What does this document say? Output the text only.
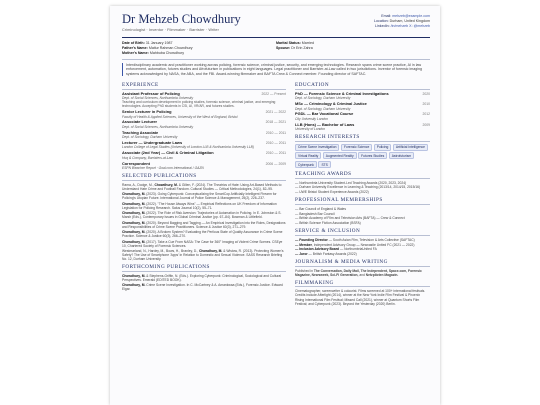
Dr Mehzeb Chowdhury
Criminologist · Inventor · Filmmaker · Barrister · Writer
Email: mehzeb@example.com
Location: Durham, United Kingdom
LinkedIn: /in/mehzeb X: @mehzeb
Date of Birth: 31 January 1987	Marital Status: Married
Father's Name: Matiur Rahman Chowdhury	Spouse: Dr Erin Zahra
Mother's Name: Mahbuba Chowdhury
Interdisciplinary academic and practitioner working across policing, forensic science, criminal justice, security, and emerging technologies. Research spans crime scene practice, AI in law enforcement, automation, futures studies and Afrofuturism in publications in eight languages. Legal practitioner and Barrister-at-Law called in two jurisdictions. Inventor of forensic imaging systems acknowledged by NASA, the ABA, and the FBI. Award-winning filmmaker and BAFTA Crew & Connect member. Founding director of SAFTAC.
EXPERIENCE
Assistant Professor of Policing	2022 — Present
Dept. of Social Sciences, Northumbria University
Teaching and curriculum development in policing studies, forensic science, criminal justice, and emerging technologies. Accepting PhD students in CSI, AI, VR/AR, and futures studies.
Senior Lecturer in Policing	2021 — 2022
Faculty of Health & Applied Sciences, University of the West of England, Bristol
Associate Lecturer	2018 — 2021
Dept. of Social Sciences, Northumbria University
Teaching Associate	2010 — 2011
Dept. of Sociology, Durham University
Lecturer — Undergraduate Laws	2010 — 2011
London College of Legal Studies (University of London LLB & Northumbria University LLB)
Associate (2nd Year) — Civil & Criminal Litigation	2010 — 2011
Huq & Company, Barristers-at-Law
Correspondent	2006 — 2009
ESPN Bleacher Report · Goal.com International / GAZN
SELECTED PUBLICATIONS
Rama, A., Dodge, M., Chowdhury, M. & Gillen, F. (2024). The Theatrics of Hate: Using Art-Based Methods to Understand Hate Crime and Football Fandom. Cultural Studies — Critical Methodologies, 24(1), 82–95.
Chowdhury, M. (2023). Going Cyberpunk: Conceptualizing the SmartCop Artificially Intelligent Firearm for Policing's Utopian Future. International Journal of Police Science & Management, 25(2), 226–237.
Chowdhury, M. (2022). "The House Always Wins" — Empirical Reflections on UK Freedom of Information Legislation for Policing Research. Salus Journal 10(2), 55–71.
Chowdhury, M. (2022). The Role of Risk Aversion: Trajectories of Automation in Policing. In E. Johnston & S. Marsh (Eds.), Contemporary Issues in Global Criminal Justice (pp. 67–84). Bowman & Littlefield.
Chowdhury, M. (2020). Beyond Bagging and Tagging — An Empirical Investigation into the Roles, Designations and Responsibilities of Crime Scene Practitioners. Science & Justice 60(3), 271–279.
Chowdhury, M. (2020). A Broken System? Evaluating the Perilous State of Quality Assurance in Crime Scene Practice. Science & Justice 60(3), 266–270.
Chowdhury, M. (2017). Take a Cue From NASA: The Case for 360° Imaging at Violent Crime Scenes. CSEye 10, Chartered Society of Forensic Sciences.
Westmarland, N., Hardey, M., Bows, H., Branley, D., Chowdhury, M. & Wistow, R. (2013). Protecting Women's Safety? The Use of Smartphone 'Apps' in Relation to Domestic and Sexual Violence. SASS Research Briefing No. 12, Durham University.
FORTHCOMING PUBLICATIONS
Chowdhury, M. & Stephens-Griffin, N. (Eds.). Exploring Cyberpunk: Criminological, Sociological and Cultural Perspectives. Emerald (EDITED BOOK).
Chowdhury, M. Crime Scene Investigation. In C. McCartney & A. Amankwaa (Eds.), Forensic Justice. Edward Elgar.
EDUCATION
PhD — Forensic Science & Criminal Investigations	2020
Dept. of Sociology, Durham University
MSc — Criminology & Criminal Justice	2010
Dept. of Sociology, Durham University
PGDL — Bar Vocational Course	2012
City University London
LLB (Hons) — Bachelor of Laws	2009
University of London
RESEARCH INTERESTS
Crime Scene Investigation	Forensic Science	Policing	Artificial Intelligence
Virtual Reality	Augmented Reality	Futures Studies	Astrofuturism
Cyberpunk	STS
TEACHING AWARDS
— Northumbria University Student-Led Teaching Awards (2020, 2023, 2024)
— Durham University Excellence in Learning & Teaching (2013/14, 2014/15, 2015/16)
— UWE Bristol Student Experience Awards (2022)
PROFESSIONAL MEMBERSHIPS
— Bar Council of England & Wales
— Bangladesh Bar Council
— British Academy of Film and Television Arts (BAFTA) — Crew & Connect
— British Science Fiction Association (BSFA)
SERVICE & INCLUSION
— Founding Director — South Asian Film, Television & Arts Collective (SAFTAC)
— Member, Independent Advisory Group — Newcastle United FC (2021 — 2022)
— Inclusion Advisory Board — NorthumbriaUnited FA
— Juror — British Fantasy Awards (2022)
JOURNALISM & MEDIA WRITING
Published in The Conversation, Daily Mail, The Independent, Space.com, Forensic Magazine, Newsweek, Sci-Fi Generation, and Netzpiloten Magazin.
FILMMAKING
Cinematographer, screenwriter & colourist. Films screened at 100+ international festivals. Credits include Afterlight (2014), winner at the New York Indie Film Festival & Phoenix Rising International Film Festival; Missed Call (2021), winner at Quantum Shorts Film Festival; and Cyberpunk (2023). Beyond the Yesterday (2020) Berlin.
